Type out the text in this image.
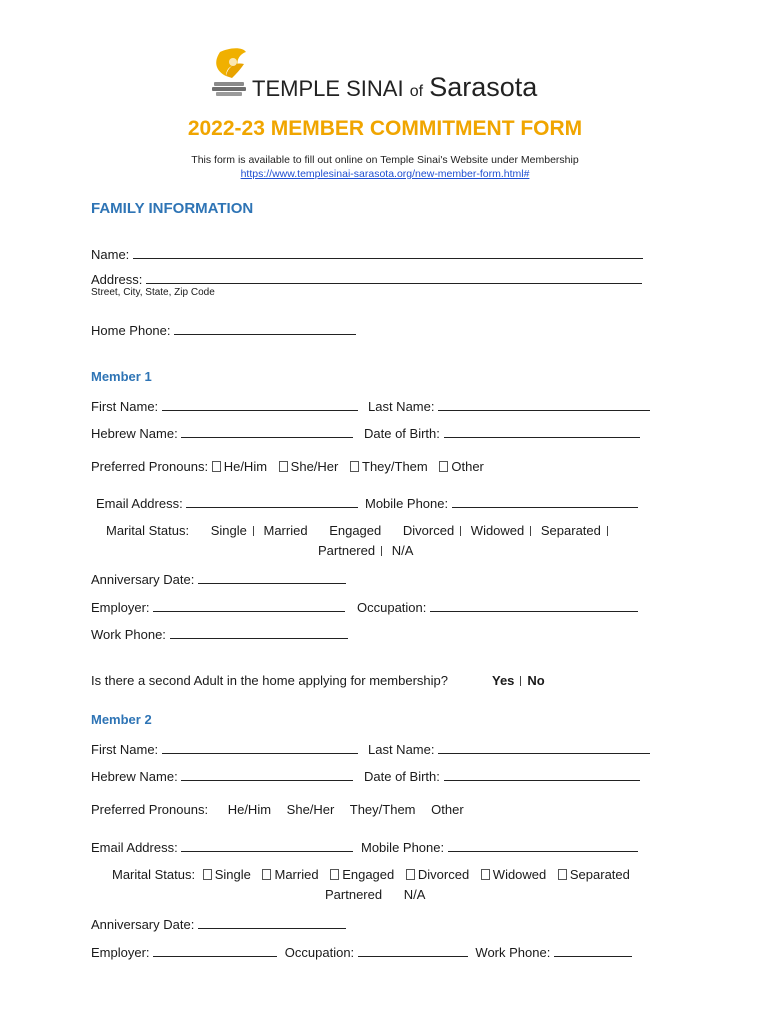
TEMPLE SINAI of Sarasota
2022-23 MEMBER COMMITMENT FORM
This form is available to fill out online on Temple Sinai's Website under Membership
https://www.templesinai-sarasota.org/new-member-form.html#
FAMILY INFORMATION
Name:
Address:
Street, City, State, Zip Code
Home Phone:
Member 1
First Name:	Last Name:
Hebrew Name:	Date of Birth:
Preferred Pronouns: He/Him She/Her They/Them Other
Email Address:	Mobile Phone:
Marital Status: Single Married Engaged Divorced Widowed Separated
Partnered N/A
Anniversary Date:
Employer:	Occupation:
Work Phone:
Is there a second Adult in the home applying for membership?	Yes No
Member 2
First Name:	Last Name:
Hebrew Name:	Date of Birth:
Preferred Pronouns: He/Him She/Her They/Them Other
Email Address:	Mobile Phone:
Marital Status: Single Married Engaged Divorced Widowed Separated
Partnered N/A
Anniversary Date:
Employer:	Occupation:	Work Phone:
